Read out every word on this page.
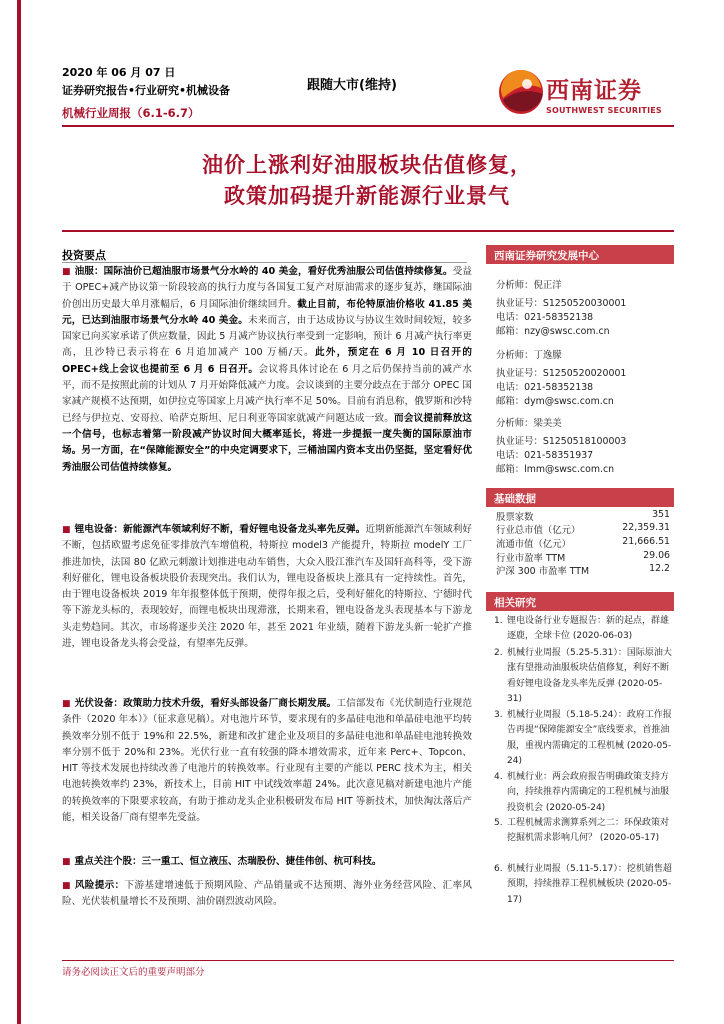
2020 年 06 月 07 日
证券研究报告•行业研究•机械设备
机械行业周报（6.1-6.7）
跟随大市(维持)	西南证券
SOUTHWEST SECURITIES
油价上涨利好油服板块估值修复，
政策加码提升新能源行业景气
投资要点
■ 油服：国际油价已超油服市场景气分水岭的 40 美金，看好优秀油服公司估值持续修复。受益于 OPEC+减产协议第一阶段较高的执行力度与各国复工复产对原油需求的逐步复苏，继国际油价创出历史最大单月涨幅后，6 月国际油价继续回升。截止目前，布伦特原油价格收 41.85 美元，已达到油服市场景气分水岭 40 美金。未来而言，由于达成协议与协议生效时间较短，较多国家已向买家承诺了供应数量，因此 5 月减产协议执行率受到一定影响，预计 6 月减产执行率更高，且沙特已表示将在 6 月追加减产 100 万桶/天。此外，预定在 6 月 10 日召开的 OPEC+线上会议也提前至 6 月 6 日召开。会议将具体讨论在 6 月之后仍保持当前的减产水平，而不是按照此前的计划从 7 月开始降低减产力度。会议谈到的主要分歧点在于部分 OPEC 国家减产规模不达预期，如伊拉克等国家上月减产执行率不足 50%。目前有消息称，俄罗斯和沙特已经与伊拉克、安哥拉、哈萨克斯坦、尼日利亚等国家就减产问题达成一致。而会议提前释放这一个信号，也标志着第一阶段减产协议时间大概率延长，将进一步提振一度失衡的国际原油市场。另一方面，在“保障能源安全”的中央定调要求下，三桶油国内资本支出仍坚挺，坚定看好优秀油服公司估值持续修复。
■ 锂电设备：新能源汽车领域利好不断，看好锂电设备龙头率先反弹。近期新能源汽车领域利好不断，包括欧盟考虑免征零排放汽车增值税，特斯拉 model3 产能提升，特斯拉 modelY 工厂推进加快，法国 80 亿欧元刺激计划推进电动车销售，大众入股江淮汽车及国轩高科等，受下游利好催化，锂电设备板块股价表现突出。我们认为，锂电设备板块上涨具有一定持续性。首先，由于锂电设备板块 2019 年年报整体低于预期，使得年报之后，受利好催化的特斯拉、宁德时代等下游龙头标的，表现较好，而锂电板块出现滞涨，长期来看，锂电设备龙头表现基本与下游龙头走势趋同。其次，市场将逐步关注 2020 年，甚至 2021 年业绩，随着下游龙头新一轮扩产推进，锂电设备龙头将会受益，有望率先反弹。
■ 光伏设备：政策助力技术升级，看好头部设备厂商长期发展。工信部发布《光伏制造行业规范条件（2020 年本）》（征求意见稿）。对电池片环节，要求现有的多晶硅电池和单晶硅电池平均转换效率分别不低于 19%和 22.5%，新建和改扩建企业及项目的多晶硅电池和单晶硅电池转换效率分别不低于 20%和 23%。光伏行业一直有较强的降本增效需求，近年来 Perc+、Topcon、HIT 等技术发展也持续改善了电池片的转换效率。行业现有主要的产能以 PERC 技术为主，相关电池转换效率约 23%，新技术上，目前 HIT 中试线效率超 24%。此次意见稿对新建电池片产能的转换效率的下限要求较高，有助于推动龙头企业积极研发布局 HIT 等新技术，加快淘汰落后产能，相关设备厂商有望率先受益。
■ 重点关注个股：三一重工、恒立液压、杰瑞股份、捷佳伟创、杭可科技。
■ 风险提示：下游基建增速低于预期风险、产品销量或不达预期、海外业务经营风险、汇率风险、光伏装机量增长不及预期、油价剧烈波动风险。
西南证券研究发展中心
分析师：倪正洋
执业证号：S1250520030001
电话：021-58352138
邮箱：nzy@swsc.com.cn
分析师：丁逸朦
执业证号：S1250520020001
电话：021-58352138
邮箱：dym@swsc.com.cn
分析师：梁美美
执业证号：S1250518100003
电话：021-58351937
邮箱：lmm@swsc.com.cn
基础数据
股票家数	351
行业总市值（亿元）	22,359.31
流通市值（亿元）	21,666.51
行业市盈率 TTM	29.06
沪深 300 市盈率 TTM	12.2
相关研究
1. 锂电设备行业专题报告：新的起点，群雄逐鹿，全球卡位 (2020-06-03)
2. 机械行业周报（5.25-5.31）：国际原油大涨有望推动油服板块估值修复，利好不断看好锂电设备龙头率先反弹 (2020-05-31)
3. 机械行业周报（5.18-5.24）：政府工作报告再提“保障能源安全”底线要求，首推油服，重视内需确定的工程机械 (2020-05-24)
4. 机械行业：两会政府报告明确政策支持方向，持续推荐内需确定的工程机械与油服投资机会 (2020-05-24)
5. 工程机械需求测算系列之二：环保政策对挖掘机需求影响几何？ (2020-05-17)
6. 机械行业周报（5.11-5.17）：挖机销售超预期，持续推荐工程机械板块 (2020-05-17)
请务必阅读正文后的重要声明部分
